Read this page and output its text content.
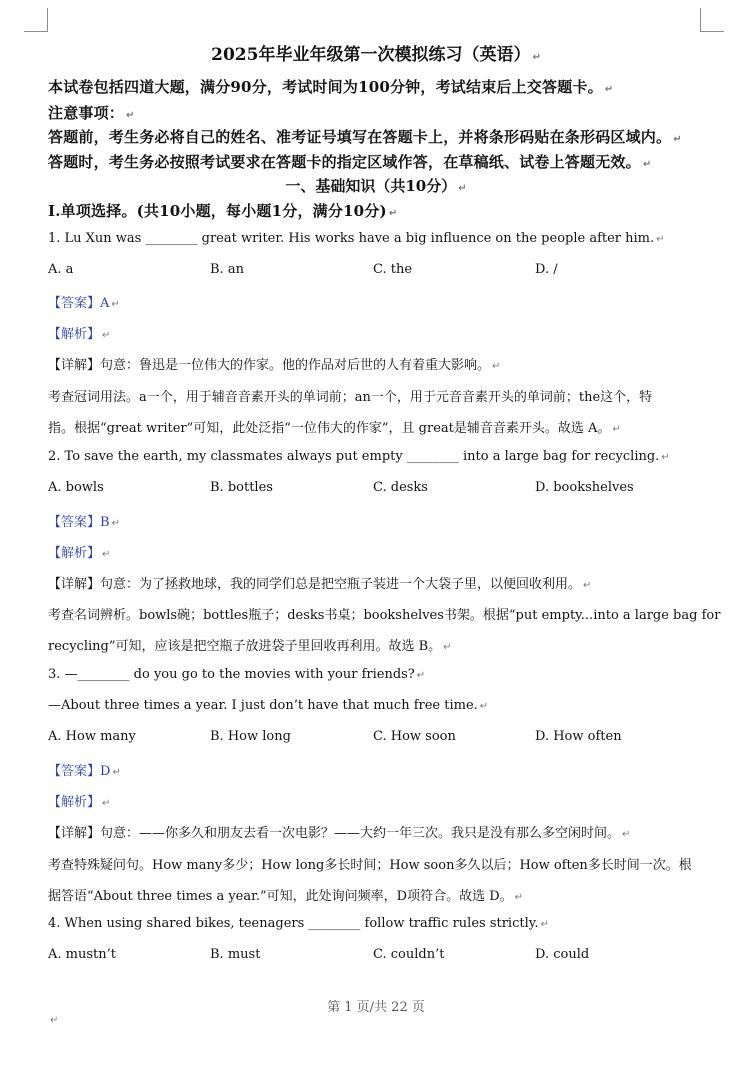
2025年毕业年级第一次模拟练习（英语） ↵
本试卷包括四道大题，满分90分，考试时间为100分钟，考试结束后上交答题卡。 ↵
注意事项： ↵
答题前，考生务必将自己的姓名、准考证号填写在答题卡上，并将条形码贴在条形码区域内。 ↵
答题时，考生务必按照考试要求在答题卡的指定区域作答，在草稿纸、试卷上答题无效。 ↵
一、基础知识（共10分） ↵
I.单项选择。(共10小题，每小题1分，满分10分) ↵
1. Lu Xun was ________ great writer. His works have a big influence on the people after him. ↵
A. a	B. an	C. the	D. /
【答案】A ↵
【解析】 ↵
【详解】句意：鲁迅是一位伟大的作家。他的作品对后世的人有着重大影响。 ↵
考查冠词用法。a一个，用于辅音音素开头的单词前；an一个，用于元音音素开头的单词前；the这个，特
指。根据“great writer”可知，此处泛指“一位伟大的作家”，且 great是辅音音素开头。故选 A。 ↵
2. To save the earth, my classmates always put empty ________ into a large bag for recycling. ↵
A. bowls	B. bottles	C. desks	D. bookshelves
【答案】B ↵
【解析】 ↵
【详解】句意：为了拯救地球，我的同学们总是把空瓶子装进一个大袋子里，以便回收利用。 ↵
考查名词辨析。bowls碗；bottles瓶子；desks书桌；bookshelves书架。根据“put empty...into a large bag for
recycling”可知，应该是把空瓶子放进袋子里回收再利用。故选 B。 ↵
3. —________ do you go to the movies with your friends? ↵
—About three times a year. I just don’t have that much free time. ↵
A. How many	B. How long	C. How soon	D. How often
【答案】D ↵
【解析】 ↵
【详解】句意：——你多久和朋友去看一次电影？——大约一年三次。我只是没有那么多空闲时间。 ↵
考查特殊疑问句。How many多少；How long多长时间；How soon多久以后；How often多长时间一次。根
据答语“About three times a year.”可知，此处询问频率，D项符合。故选 D。 ↵
4. When using shared bikes, teenagers ________ follow traffic rules strictly. ↵
A. mustn’t	B. must	C. couldn’t	D. could
第 1 页/共 22 页
↵
